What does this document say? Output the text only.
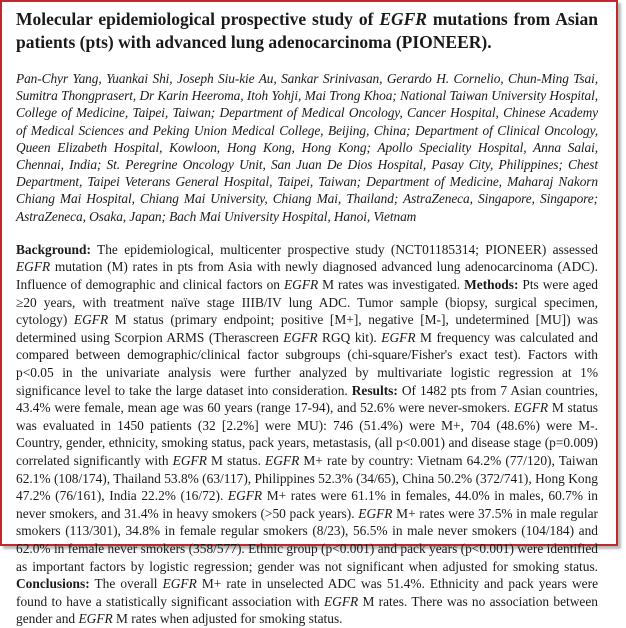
Molecular epidemiological prospective study of EGFR mutations from Asian patients (pts) with advanced lung adenocarcinoma (PIONEER).

Pan-Chyr Yang, Yuankai Shi, Joseph Siu-kie Au, Sankar Srinivasan, Gerardo H. Cornelio, Chun-Ming Tsai, Sumitra Thongprasert, Dr Karin Heeroma, Itoh Yohji, Mai Trong Khoa; National Taiwan University Hospital, College of Medicine, Taipei, Taiwan; Department of Medical Oncology, Cancer Hospital, Chinese Academy of Medical Sciences and Peking Union Medical College, Beijing, China; Department of Clinical Oncology, Queen Elizabeth Hospital, Kowloon, Hong Kong, Hong Kong; Apollo Speciality Hospital, Anna Salai, Chennai, India; St. Peregrine Oncology Unit, San Juan De Dios Hospital, Pasay City, Philippines; Chest Department, Taipei Veterans General Hospital, Taipei, Taiwan; Department of Medicine, Maharaj Nakorn Chiang Mai Hospital, Chiang Mai University, Chiang Mai, Thailand; AstraZeneca, Singapore, Singapore; AstraZeneca, Osaka, Japan; Bach Mai University Hospital, Hanoi, Vietnam

Background: The epidemiological, multicenter prospective study (NCT01185314; PIONEER) assessed EGFR mutation (M) rates in pts from Asia with newly diagnosed advanced lung adenocarcinoma (ADC). Influence of demographic and clinical factors on EGFR M rates was investigated. Methods: Pts were aged ≥20 years, with treatment naïve stage IIIB/IV lung ADC. Tumor sample (biopsy, surgical specimen, cytology) EGFR M status (primary endpoint; positive [M+], negative [M-], undetermined [MU]) was determined using Scorpion ARMS (Therascreen EGFR RGQ kit). EGFR M frequency was calculated and compared between demographic/clinical factor subgroups (chi-square/Fisher's exact test). Factors with p<0.05 in the univariate analysis were further analyzed by multivariate logistic regression at 1% significance level to take the large dataset into consideration. Results: Of 1482 pts from 7 Asian countries, 43.4% were female, mean age was 60 years (range 17-94), and 52.6% were never-smokers. EGFR M status was evaluated in 1450 patients (32 [2.2%] were MU): 746 (51.4%) were M+, 704 (48.6%) were M-. Country, gender, ethnicity, smoking status, pack years, metastasis, (all p<0.001) and disease stage (p=0.009) correlated significantly with EGFR M status. EGFR M+ rate by country: Vietnam 64.2% (77/120), Taiwan 62.1% (108/174), Thailand 53.8% (63/117), Philippines 52.3% (34/65), China 50.2% (372/741), Hong Kong 47.2% (76/161), India 22.2% (16/72). EGFR M+ rates were 61.1% in females, 44.0% in males, 60.7% in never smokers, and 31.4% in heavy smokers (>50 pack years). EGFR M+ rates were 37.5% in male regular smokers (113/301), 34.8% in female regular smokers (8/23), 56.5% in male never smokers (104/184) and 62.0% in female never smokers (358/577). Ethnic group (p<0.001) and pack years (p<0.001) were identified as important factors by logistic regression; gender was not significant when adjusted for smoking status. Conclusions: The overall EGFR M+ rate in unselected ADC was 51.4%. Ethnicity and pack years were found to have a statistically significant association with EGFR M rates. There was no association between gender and EGFR M rates when adjusted for smoking status.
